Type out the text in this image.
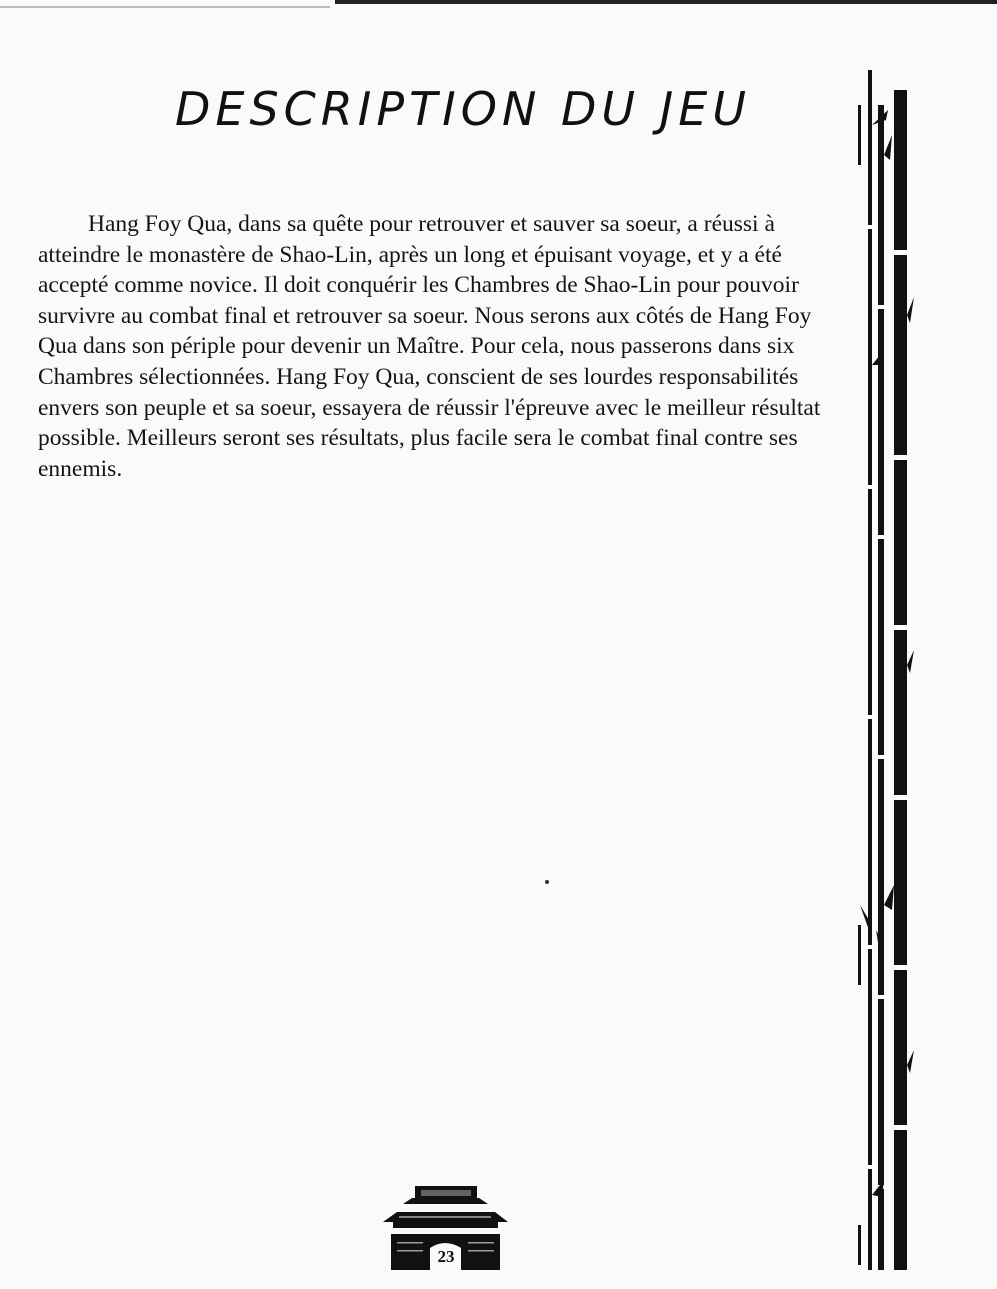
DESCRIPTION DU JEU

Hang Foy Qua, dans sa quête pour retrouver et sauver sa soeur, a réussi à atteindre le monastère de Shao-Lin, après un long et épuisant voyage, et y a été accepté comme novice. Il doit conquérir les Chambres de Shao-Lin pour pouvoir survivre au combat final et retrouver sa soeur. Nous serons aux côtés de Hang Foy Qua dans son périple pour devenir un Maître. Pour cela, nous passerons dans six Chambres sélectionnées. Hang Foy Qua, conscient de ses lourdes responsabilités envers son peuple et sa soeur, essayera de réussir l'épreuve avec le meilleur résultat possible. Meilleurs seront ses résultats, plus facile sera le combat final contre ses ennemis.

23
